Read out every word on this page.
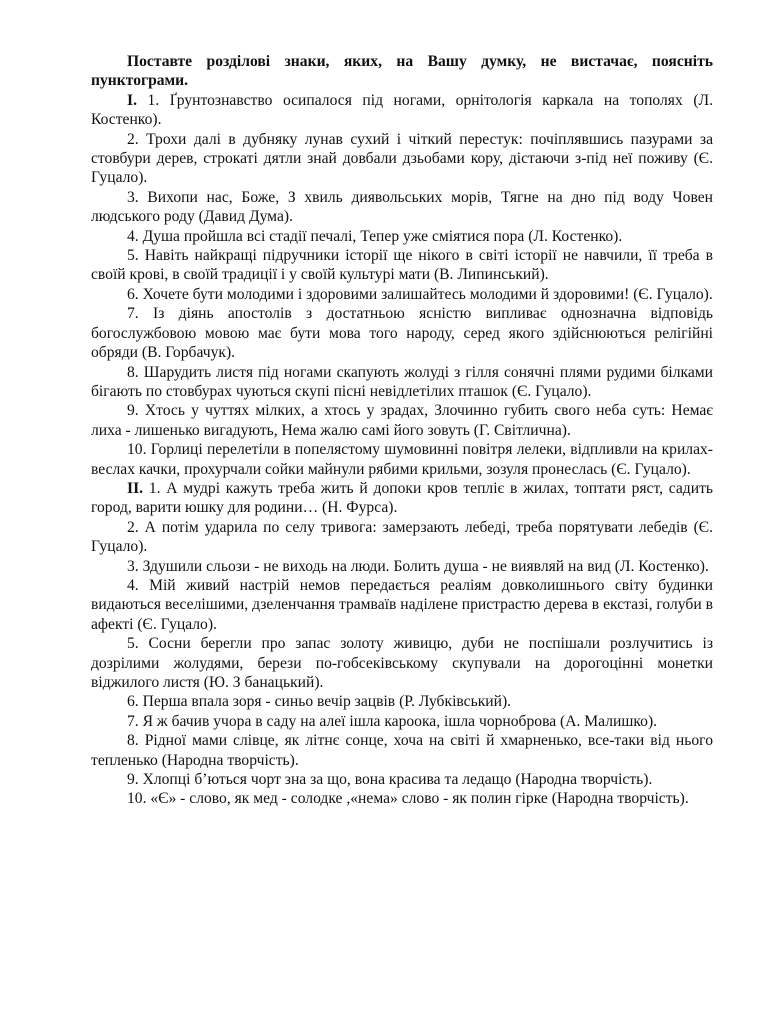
Поставте розділові знаки, яких, на Вашу думку, не вистачає, поясніть пунктограми.

I. 1. Ґрунтознавство осипалося під ногами, орнітологія каркала на тополях (Л. Костенко).

2. Трохи далі в дубняку лунав сухий і чіткий перестук: почіплявшись пазурами за стовбури дерев, строкаті дятли знай довбали дзьобами кору, дістаючи з-під неї поживу (Є. Гуцало).

3. Вихопи нас, Боже, З хвиль диявольських морів, Тягне на дно під воду Човен людського роду (Давид Дума).

4. Душа пройшла всі стадії печалі, Тепер уже сміятися пора (Л. Костенко).

5. Навіть найкращі підручники історії ще нікого в світі історії не навчили, її треба в своїй крові, в своїй традиції і у своїй культурі мати (В. Липинський).

6. Хочете бути молодими і здоровими залишайтесь молодими й здоровими! (Є. Гуцало).

7. Із діянь апостолів з достатньою ясністю випливає однозначна відповідь богослужбовою мовою має бути мова того народу, серед якого здійснюються релігійні обряди (В. Горбачук).

8. Шарудить листя під ногами скапують жолуді з гілля сонячні плями рудими білками бігають по стовбурах чуються скупі пісні невідлетілих пташок (Є. Гуцало).

9. Хтось у чуттях мілких, а хтось у зрадах, Злочинно губить свого неба суть: Немає лиха - лишенько вигадують, Нема жалю самі його зовуть (Г. Світлична).

10. Горлиці перелетіли в попелястому шумовинні повітря лелеки, відпливли на крилах-веслах качки, прохурчали сойки майнули рябими крильми, зозуля пронеслась (Є. Гуцало).

II. 1. А мудрі кажуть треба жить й допоки кров тепліє в жилах, топтати ряст, садить город, варити юшку для родини… (Н. Фурса).

2. А потім ударила по селу тривога: замерзають лебеді, треба порятувати лебедів (Є. Гуцало).

3. Здушили сльози - не виходь на люди. Болить душа - не виявляй на вид (Л. Костенко).

4. Мій живий настрій немов передається реаліям довколишнього світу будинки видаються веселішими, дзеленчання трамваїв наділене пристрастю дерева в екстазі, голуби в афекті (Є. Гуцало).

5. Сосни берегли про запас золоту живицю, дуби не поспішали розлучитись із дозрілими жолудями, берези по-гобсеківському скупували на дорогоцінні монетки віджилого листя (Ю. З банацький).

6. Перша впала зоря - синьо вечір зацвів (Р. Лубківський).

7. Я ж бачив учора в саду на алеї ішла кароока, ішла чорноброва (А. Малишко).

8. Рідної мами слівце, як літнє сонце, хоча на світі й хмарненько, все-таки від нього тепленько (Народна творчість).

9. Хлопці б’ються чорт зна за що, вона красива та ледащо (Народна творчість).

10. «Є» - слово, як мед - солодке ,«нема» слово - як полин гірке (Народна творчість).
